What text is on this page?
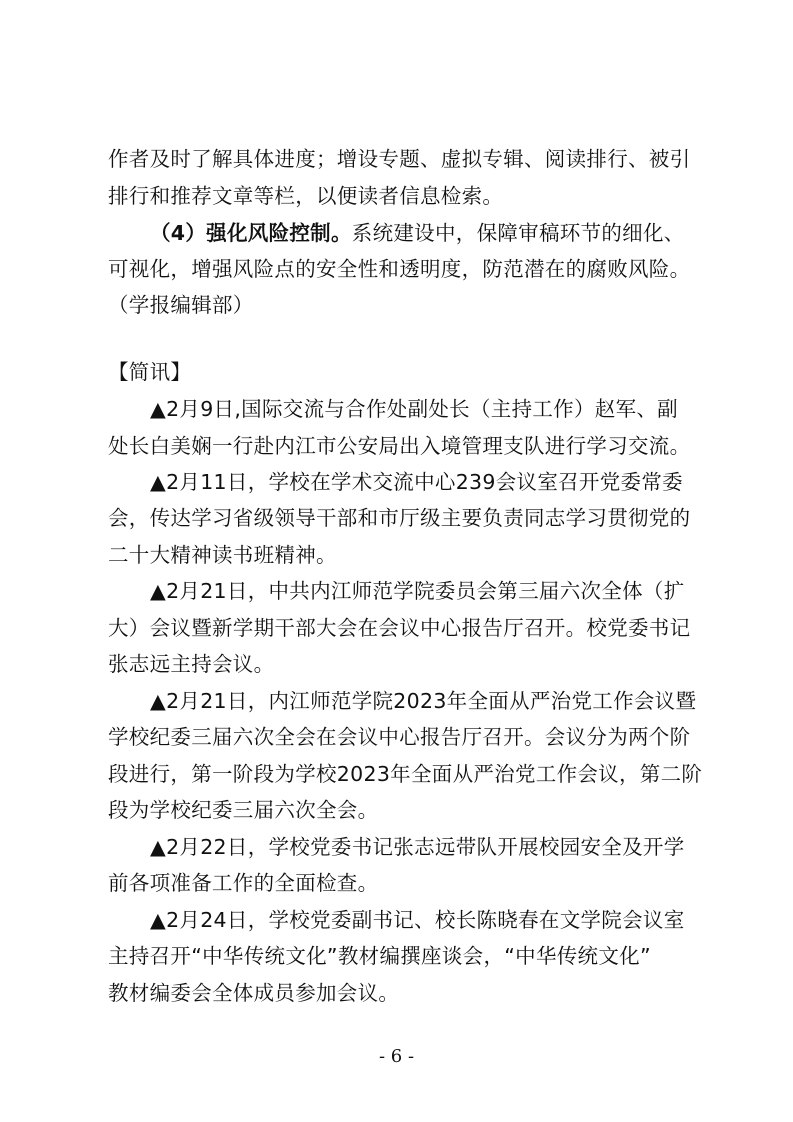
作者及时了解具体进度；增设专题、虚拟专辑、阅读排行、被引
排行和推荐文章等栏，以便读者信息检索。
（4）强化风险控制。系统建设中，保障审稿环节的细化、
可视化，增强风险点的安全性和透明度，防范潜在的腐败风险。
（学报编辑部）
【简讯】
▲2月9日,国际交流与合作处副处长（主持工作）赵军、副
处长白美娴一行赴内江市公安局出入境管理支队进行学习交流。
▲2月11日，学校在学术交流中心239会议室召开党委常委
会，传达学习省级领导干部和市厅级主要负责同志学习贯彻党的
二十大精神读书班精神。
▲2月21日，中共内江师范学院委员会第三届六次全体（扩
大）会议暨新学期干部大会在会议中心报告厅召开。校党委书记
张志远主持会议。
▲2月21日，内江师范学院2023年全面从严治党工作会议暨
学校纪委三届六次全会在会议中心报告厅召开。会议分为两个阶
段进行，第一阶段为学校2023年全面从严治党工作会议，第二阶
段为学校纪委三届六次全会。
▲2月22日，学校党委书记张志远带队开展校园安全及开学
前各项准备工作的全面检查。
▲2月24日，学校党委副书记、校长陈晓春在文学院会议室
主持召开“中华传统文化”教材编撰座谈会，“中华传统文化”
教材编委会全体成员参加会议。
- 6 -
